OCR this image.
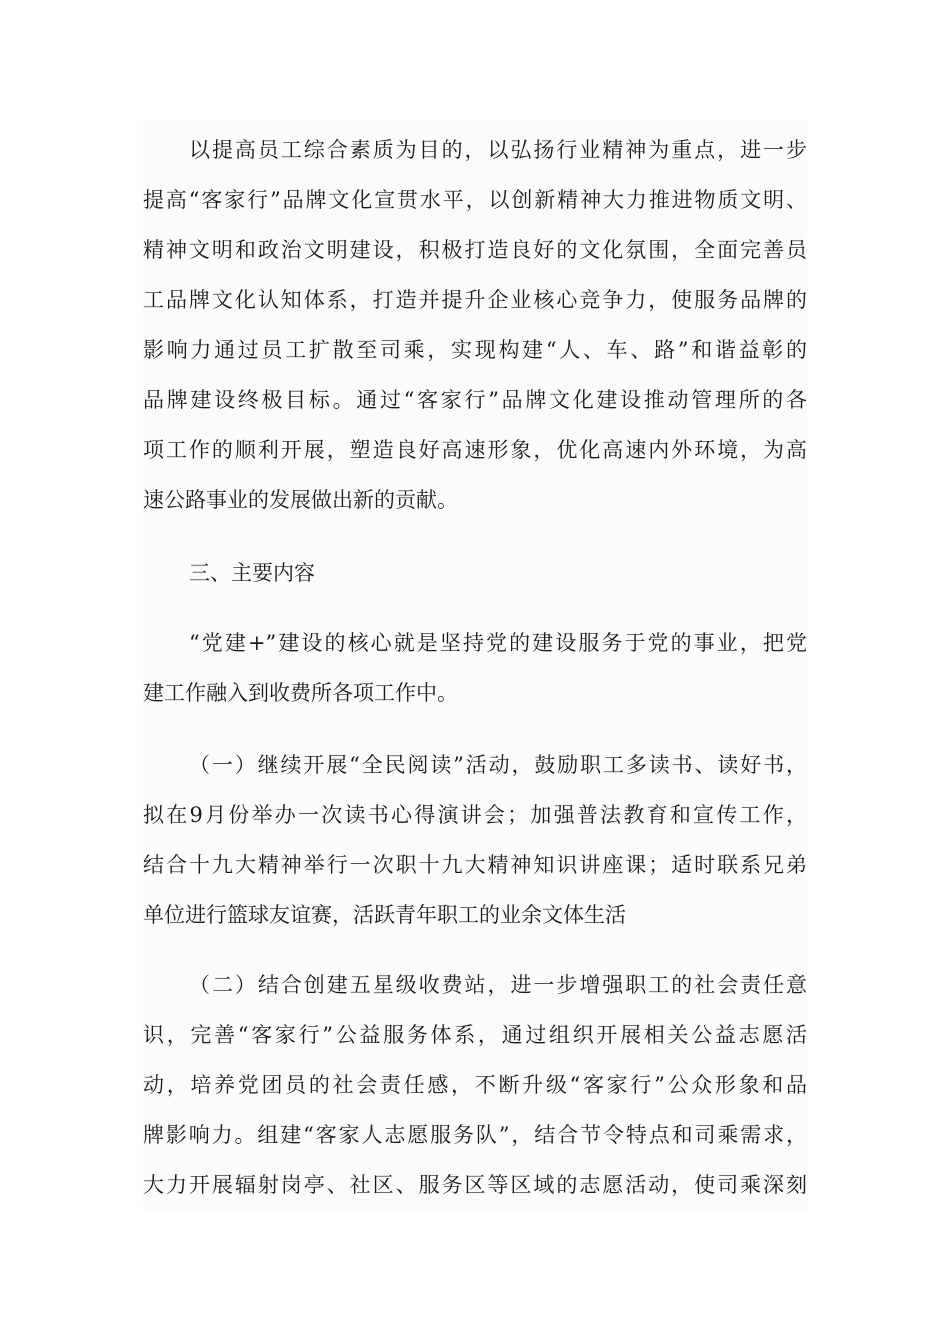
以提高员工综合素质为目的，以弘扬行业精神为重点，进一步
提高“客家行”品牌文化宣贯水平，以创新精神大力推进物质文明、
精神文明和政治文明建设，积极打造良好的文化氛围，全面完善员
工品牌文化认知体系，打造并提升企业核心竞争力，使服务品牌的
影响力通过员工扩散至司乘，实现构建“人、车、路”和谐益彰的
品牌建设终极目标。通过“客家行”品牌文化建设推动管理所的各
项工作的顺利开展，塑造良好高速形象，优化高速内外环境，为高
速公路事业的发展做出新的贡献。
三、主要内容
“党建+”建设的核心就是坚持党的建设服务于党的事业，把党
建工作融入到收费所各项工作中。
（一）继续开展“全民阅读”活动，鼓励职工多读书、读好书，
拟在9月份举办一次读书心得演讲会；加强普法教育和宣传工作，
结合十九大精神举行一次职十九大精神知识讲座课；适时联系兄弟
单位进行篮球友谊赛，活跃青年职工的业余文体生活
（二）结合创建五星级收费站，进一步增强职工的社会责任意
识，完善“客家行”公益服务体系，通过组织开展相关公益志愿活
动，培养党团员的社会责任感，不断升级“客家行”公众形象和品
牌影响力。组建“客家人志愿服务队”，结合节令特点和司乘需求，
大力开展辐射岗亭、社区、服务区等区域的志愿活动，使司乘深刻
